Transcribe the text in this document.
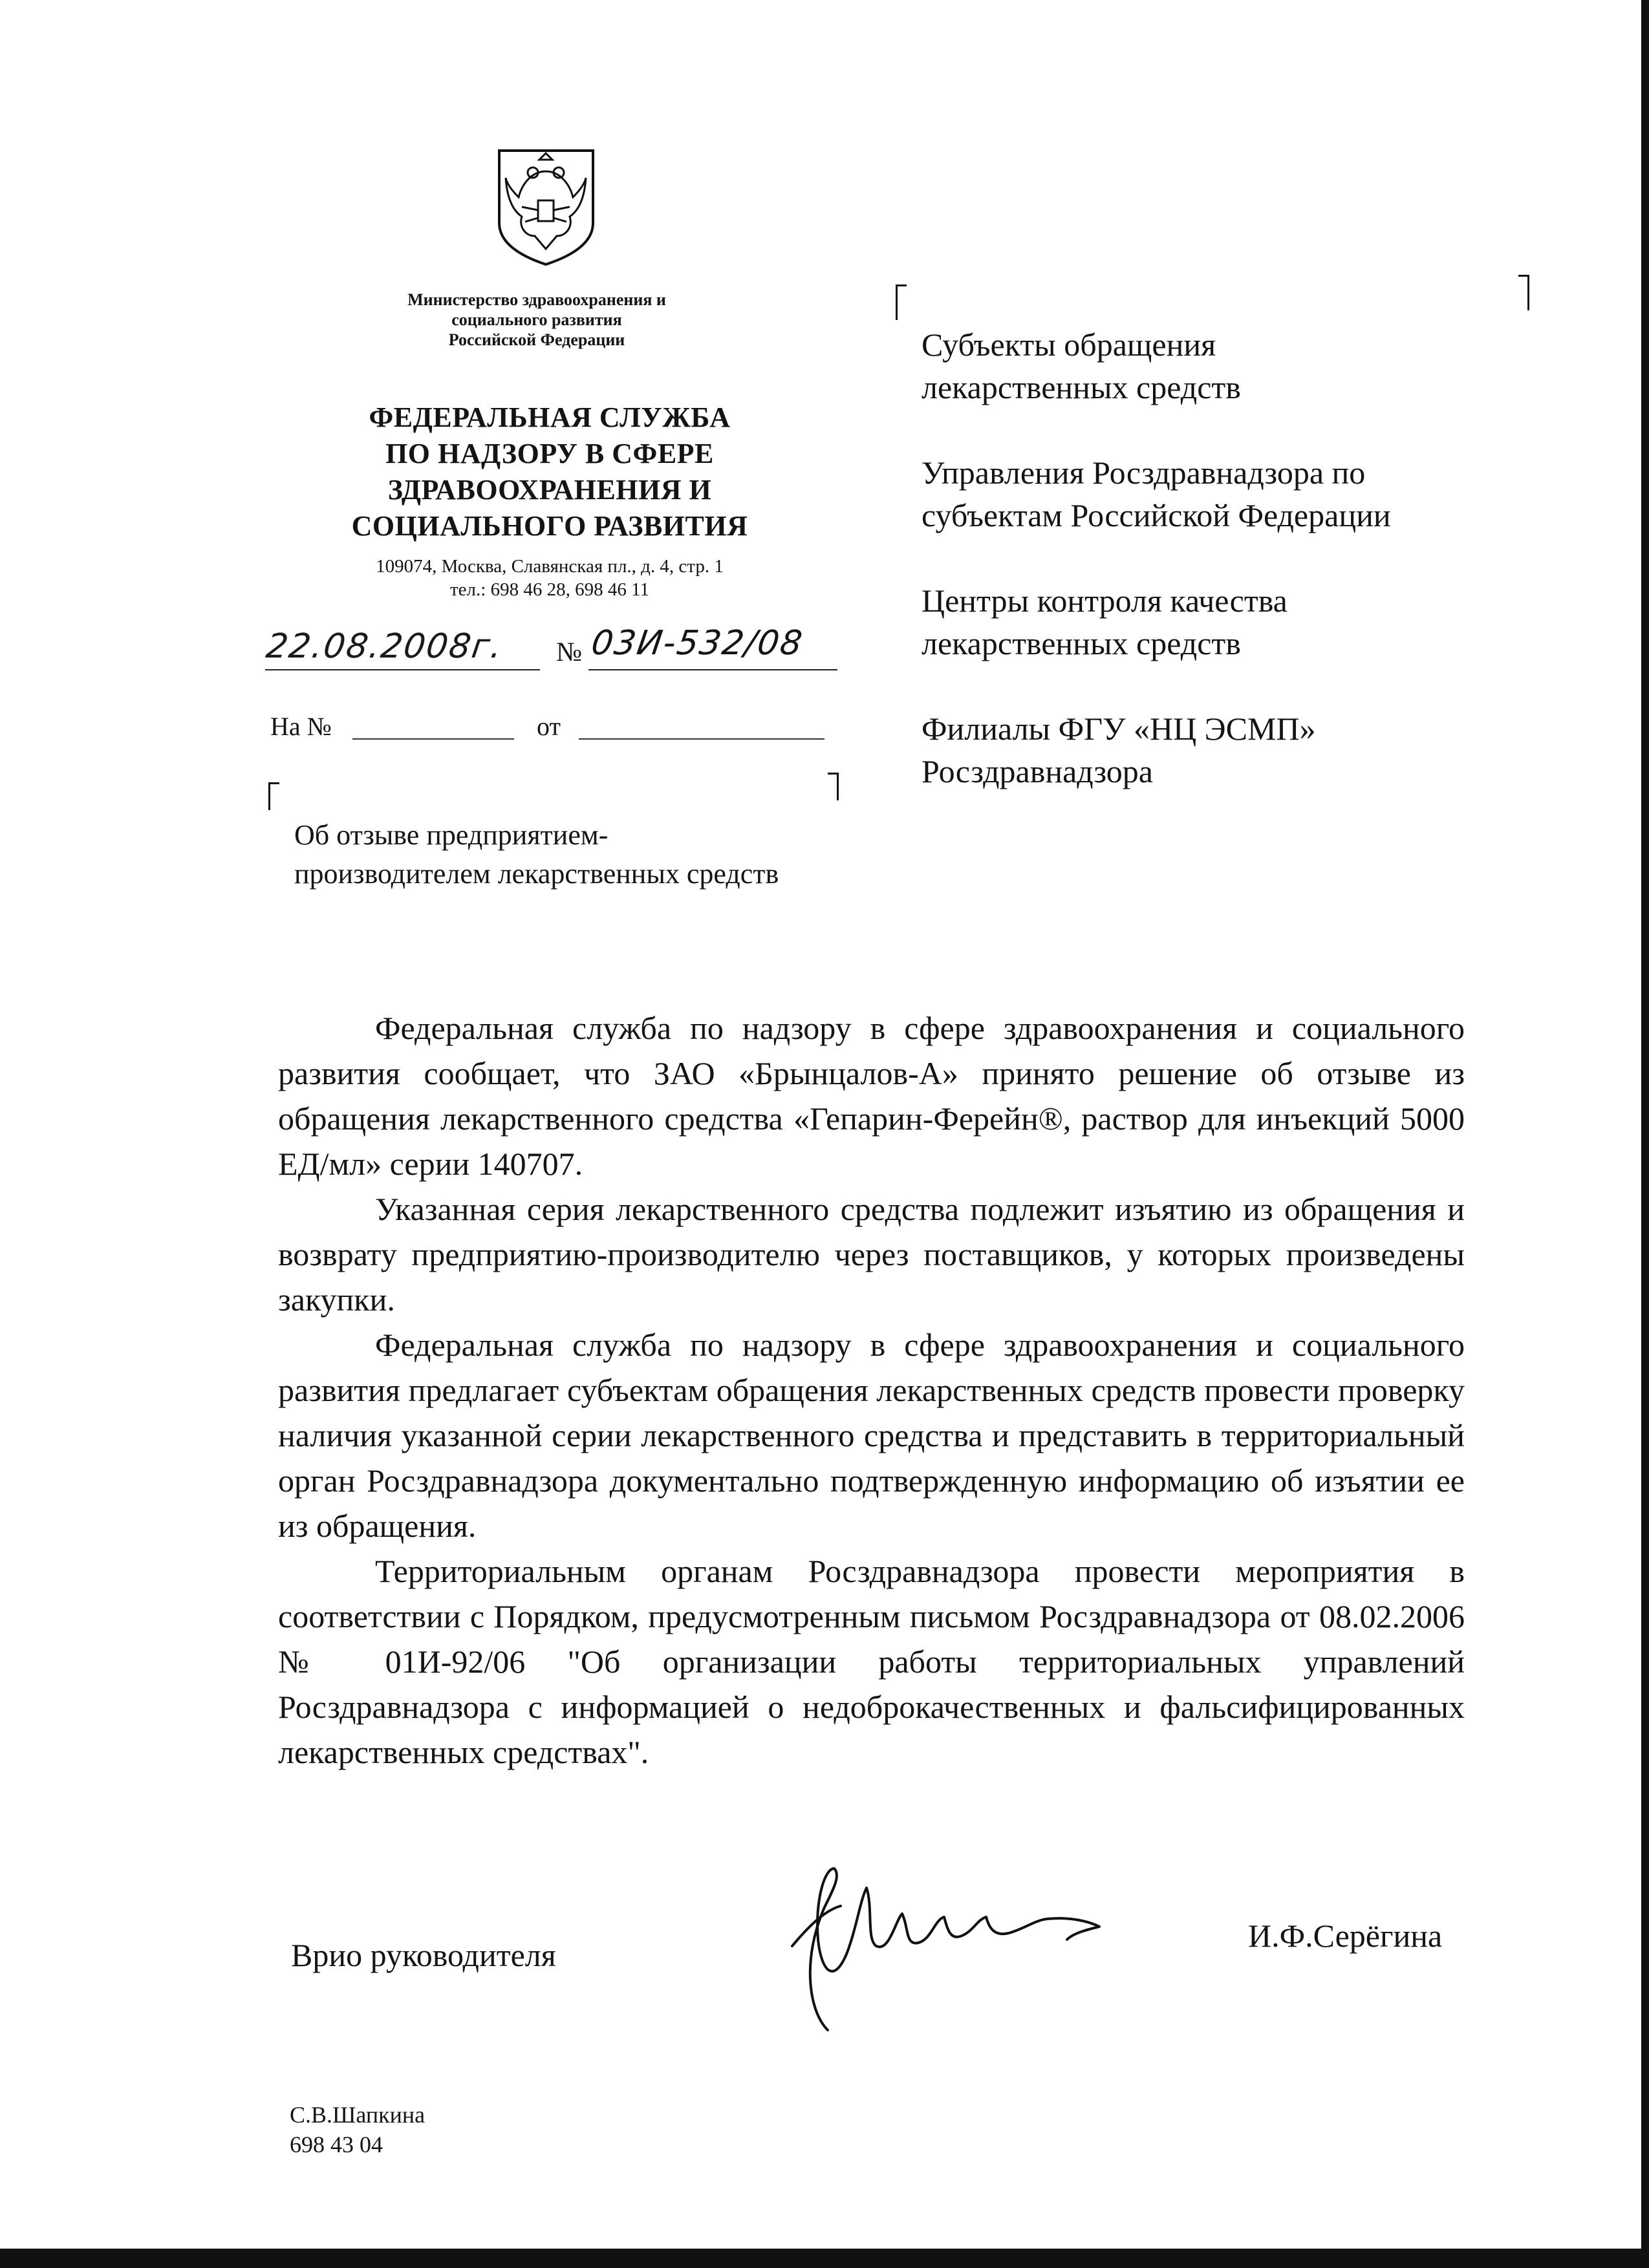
Министерство здравоохранения и
социального развития
Российской Федерации
ФЕДЕРАЛЬНАЯ СЛУЖБА
ПО НАДЗОРУ В СФЕРЕ
ЗДРАВООХРАНЕНИЯ И
СОЦИАЛЬНОГО РАЗВИТИЯ
109074, Москва, Славянская пл., д. 4, стр. 1
тел.: 698 46 28, 698 46 11
22.08.2008г. № 03И-532/08
На №	от
Об отзыве предприятием-
производителем лекарственных средств
Субъекты обращения
лекарственных средств
Управления Росздравнадзора по
субъектам Российской Федерации
Центры контроля качества
лекарственных средств
Филиалы ФГУ «НЦ ЭСМП»
Росздравнадзора

Федеральная служба по надзору в сфере здравоохранения и социального развития сообщает, что ЗАО «Брынцалов-А» принято решение об отзыве из обращения лекарственного средства «Гепарин-Ферейн®, раствор для инъекций 5000 ЕД/мл» серии 140707.

Указанная серия лекарственного средства подлежит изъятию из обращения и возврату предприятию-производителю через поставщиков, у которых произведены закупки.

Федеральная служба по надзору в сфере здравоохранения и социального развития предлагает субъектам обращения лекарственных средств провести проверку наличия указанной серии лекарственного средства и представить в территориальный орган Росздравнадзора документально подтвержденную информацию об изъятии ее из обращения.

Территориальным органам Росздравнадзора провести мероприятия в соответствии с Порядком, предусмотренным письмом Росздравнадзора от 08.02.2006 № 01И-92/06 "Об организации работы территориальных управлений Росздравнадзора с информацией о недоброкачественных и фальсифицированных лекарственных средствах".

Врио руководителя
И.Ф.Серёгина
С.В.Шапкина
698 43 04
